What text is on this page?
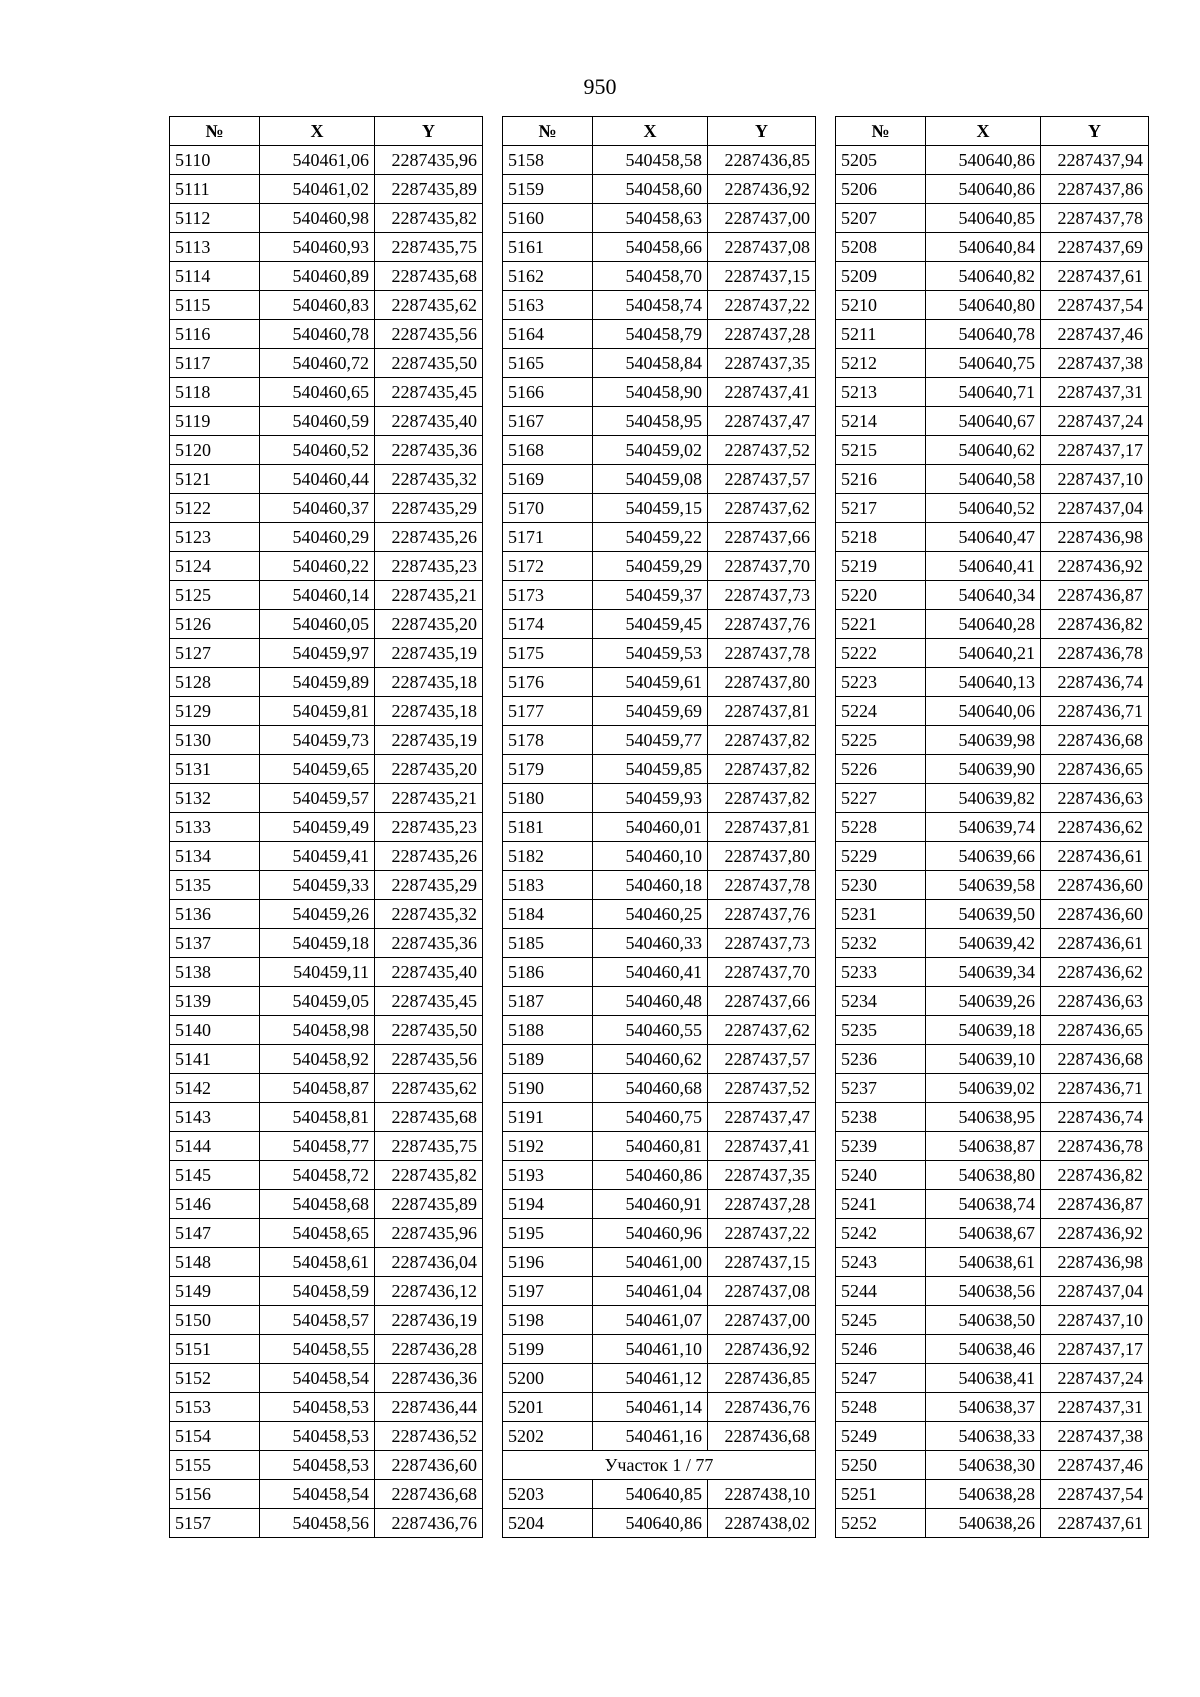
950
№	X	Y
5110	540461,06	2287435,96
5111	540461,02	2287435,89
5112	540460,98	2287435,82
5113	540460,93	2287435,75
5114	540460,89	2287435,68
5115	540460,83	2287435,62
5116	540460,78	2287435,56
5117	540460,72	2287435,50
5118	540460,65	2287435,45
5119	540460,59	2287435,40
5120	540460,52	2287435,36
5121	540460,44	2287435,32
5122	540460,37	2287435,29
5123	540460,29	2287435,26
5124	540460,22	2287435,23
5125	540460,14	2287435,21
5126	540460,05	2287435,20
5127	540459,97	2287435,19
5128	540459,89	2287435,18
5129	540459,81	2287435,18
5130	540459,73	2287435,19
5131	540459,65	2287435,20
5132	540459,57	2287435,21
5133	540459,49	2287435,23
5134	540459,41	2287435,26
5135	540459,33	2287435,29
5136	540459,26	2287435,32
5137	540459,18	2287435,36
5138	540459,11	2287435,40
5139	540459,05	2287435,45
5140	540458,98	2287435,50
5141	540458,92	2287435,56
5142	540458,87	2287435,62
5143	540458,81	2287435,68
5144	540458,77	2287435,75
5145	540458,72	2287435,82
5146	540458,68	2287435,89
5147	540458,65	2287435,96
5148	540458,61	2287436,04
5149	540458,59	2287436,12
5150	540458,57	2287436,19
5151	540458,55	2287436,28
5152	540458,54	2287436,36
5153	540458,53	2287436,44
5154	540458,53	2287436,52
5155	540458,53	2287436,60
5156	540458,54	2287436,68
5157	540458,56	2287436,76
№	X	Y
5158	540458,58	2287436,85
5159	540458,60	2287436,92
5160	540458,63	2287437,00
5161	540458,66	2287437,08
5162	540458,70	2287437,15
5163	540458,74	2287437,22
5164	540458,79	2287437,28
5165	540458,84	2287437,35
5166	540458,90	2287437,41
5167	540458,95	2287437,47
5168	540459,02	2287437,52
5169	540459,08	2287437,57
5170	540459,15	2287437,62
5171	540459,22	2287437,66
5172	540459,29	2287437,70
5173	540459,37	2287437,73
5174	540459,45	2287437,76
5175	540459,53	2287437,78
5176	540459,61	2287437,80
5177	540459,69	2287437,81
5178	540459,77	2287437,82
5179	540459,85	2287437,82
5180	540459,93	2287437,82
5181	540460,01	2287437,81
5182	540460,10	2287437,80
5183	540460,18	2287437,78
5184	540460,25	2287437,76
5185	540460,33	2287437,73
5186	540460,41	2287437,70
5187	540460,48	2287437,66
5188	540460,55	2287437,62
5189	540460,62	2287437,57
5190	540460,68	2287437,52
5191	540460,75	2287437,47
5192	540460,81	2287437,41
5193	540460,86	2287437,35
5194	540460,91	2287437,28
5195	540460,96	2287437,22
5196	540461,00	2287437,15
5197	540461,04	2287437,08
5198	540461,07	2287437,00
5199	540461,10	2287436,92
5200	540461,12	2287436,85
5201	540461,14	2287436,76
5202	540461,16	2287436,68
Участок 1 / 77		
5203	540640,85	2287438,10
5204	540640,86	2287438,02
№	X	Y
5205	540640,86	2287437,94
5206	540640,86	2287437,86
5207	540640,85	2287437,78
5208	540640,84	2287437,69
5209	540640,82	2287437,61
5210	540640,80	2287437,54
5211	540640,78	2287437,46
5212	540640,75	2287437,38
5213	540640,71	2287437,31
5214	540640,67	2287437,24
5215	540640,62	2287437,17
5216	540640,58	2287437,10
5217	540640,52	2287437,04
5218	540640,47	2287436,98
5219	540640,41	2287436,92
5220	540640,34	2287436,87
5221	540640,28	2287436,82
5222	540640,21	2287436,78
5223	540640,13	2287436,74
5224	540640,06	2287436,71
5225	540639,98	2287436,68
5226	540639,90	2287436,65
5227	540639,82	2287436,63
5228	540639,74	2287436,62
5229	540639,66	2287436,61
5230	540639,58	2287436,60
5231	540639,50	2287436,60
5232	540639,42	2287436,61
5233	540639,34	2287436,62
5234	540639,26	2287436,63
5235	540639,18	2287436,65
5236	540639,10	2287436,68
5237	540639,02	2287436,71
5238	540638,95	2287436,74
5239	540638,87	2287436,78
5240	540638,80	2287436,82
5241	540638,74	2287436,87
5242	540638,67	2287436,92
5243	540638,61	2287436,98
5244	540638,56	2287437,04
5245	540638,50	2287437,10
5246	540638,46	2287437,17
5247	540638,41	2287437,24
5248	540638,37	2287437,31
5249	540638,33	2287437,38
5250	540638,30	2287437,46
5251	540638,28	2287437,54
5252	540638,26	2287437,61
